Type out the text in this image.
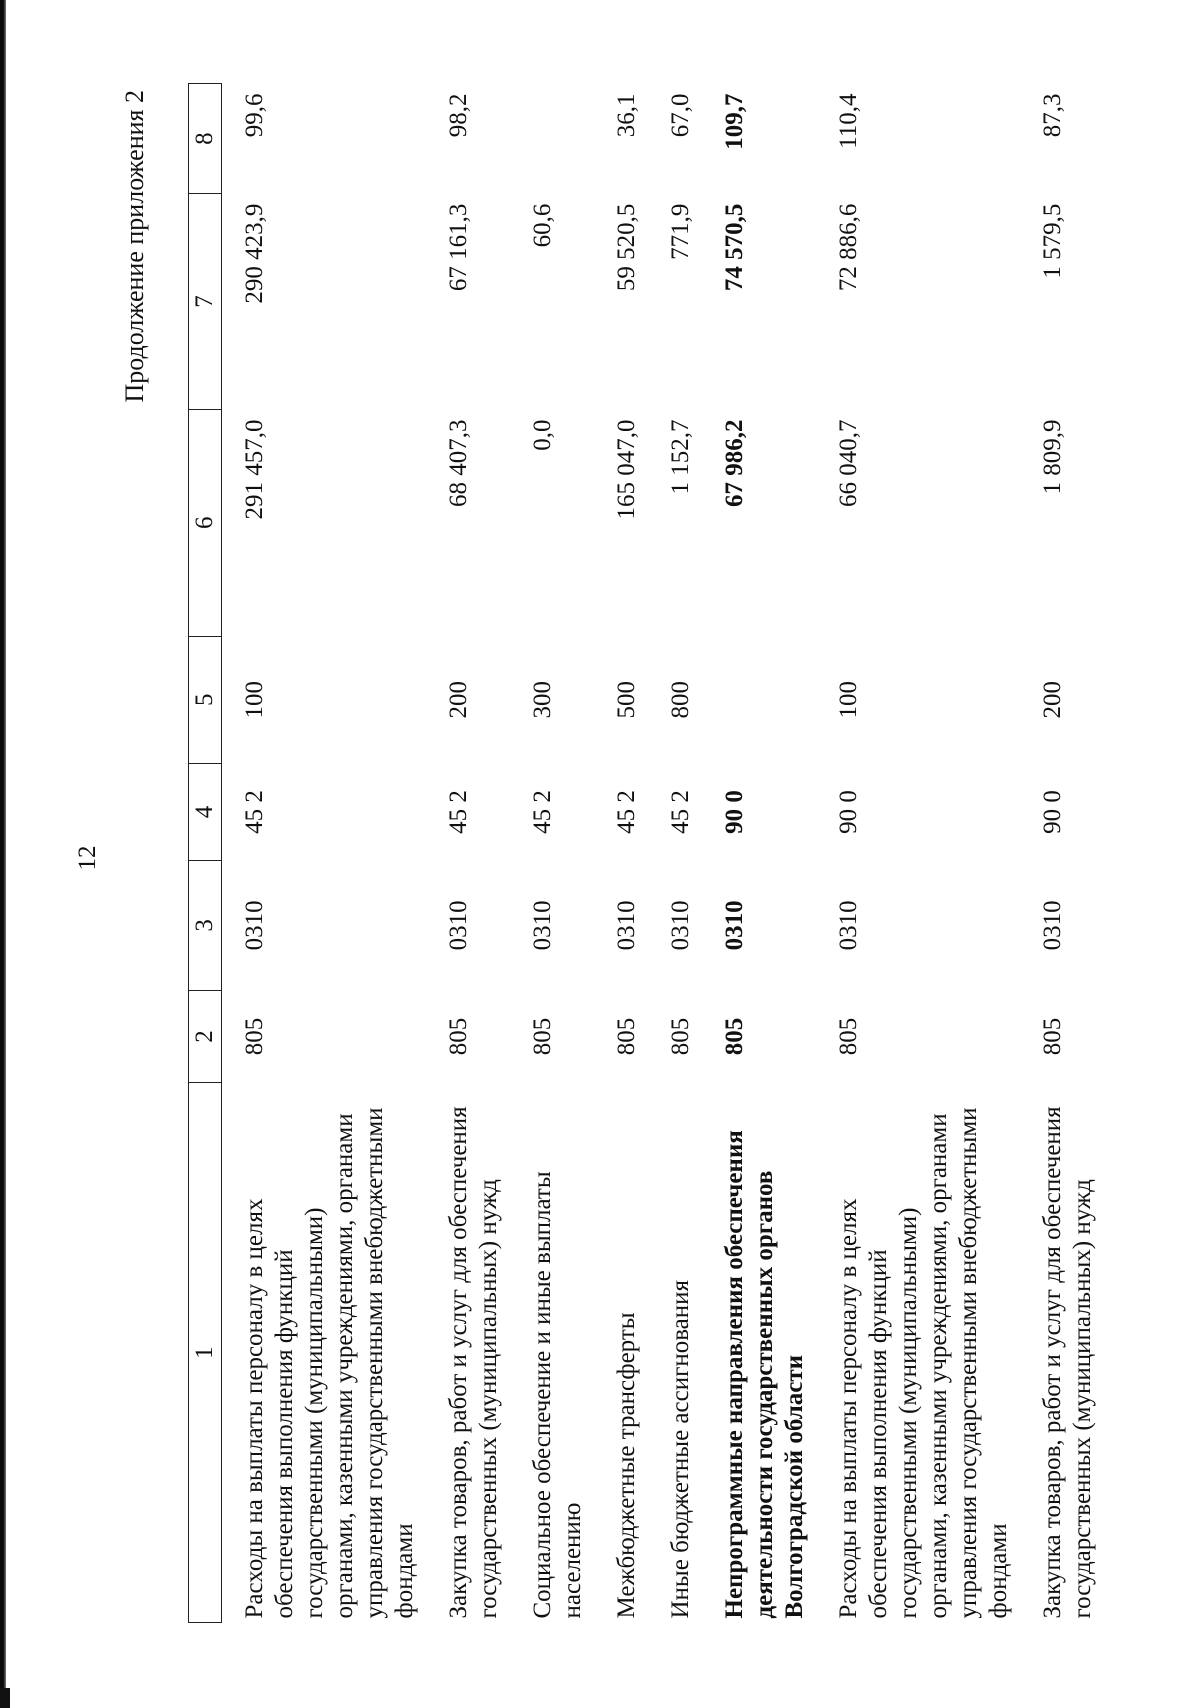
12
Продолжение приложения 2
1	2	3	4	5	6	7	8
Расходы на выплаты персоналу в целях обеспечения выполнения функций государственными (муниципальными) органами, казенными учреждениями, органами управления государственными внебюджетными фондами	805	0310	45 2	100	291 457,0	290 423,9	99,6
Закупка товаров, работ и услуг для обеспечения государственных (муниципальных) нужд	805	0310	45 2	200	68 407,3	67 161,3	98,2
Социальное обеспечение и иные выплаты населению	805	0310	45 2	300	0,0	60,6	
Межбюджетные трансферты	805	0310	45 2	500	165 047,0	59 520,5	36,1
Иные бюджетные ассигнования	805	0310	45 2	800	1 152,7	771,9	67,0
Непрограммные направления обеспечения деятельности государственных органов Волгоградской области	805	0310	90 0		67 986,2	74 570,5	109,7
Расходы на выплаты персоналу в целях обеспечения выполнения функций государственными (муниципальными) органами, казенными учреждениями, органами управления государственными внебюджетными фондами	805	0310	90 0	100	66 040,7	72 886,6	110,4
Закупка товаров, работ и услуг для обеспечения государственных (муниципальных) нужд	805	0310	90 0	200	1 809,9	1 579,5	87,3
